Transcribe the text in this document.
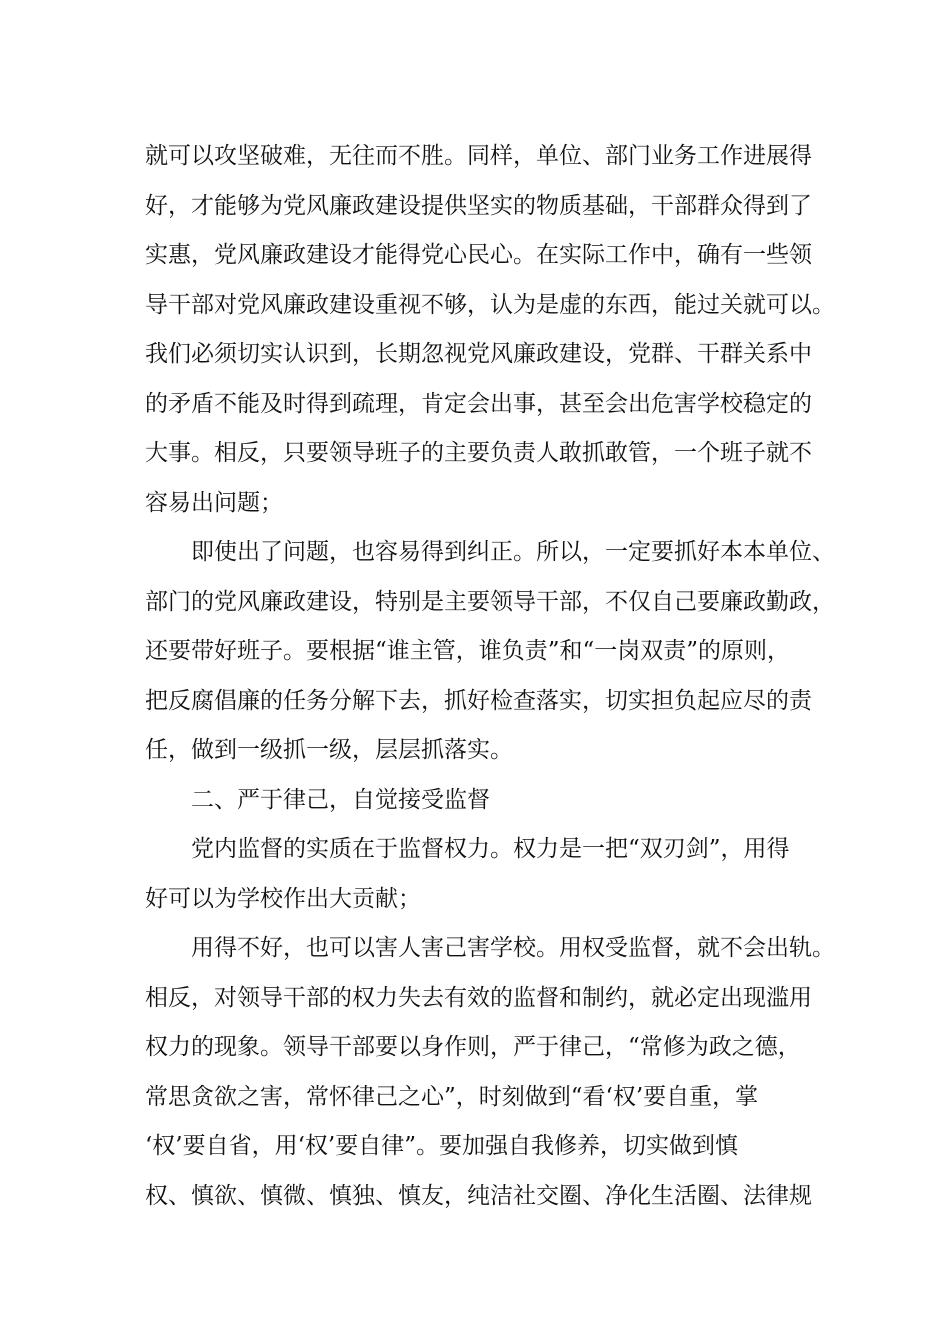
就可以攻坚破难，无往而不胜。同样，单位、部门业务工作进展得
好，才能够为党风廉政建设提供坚实的物质基础，干部群众得到了
实惠，党风廉政建设才能得党心民心。在实际工作中，确有一些领
导干部对党风廉政建设重视不够，认为是虚的东西，能过关就可以。
我们必须切实认识到，长期忽视党风廉政建设，党群、干群关系中
的矛盾不能及时得到疏理，肯定会出事，甚至会出危害学校稳定的
大事。相反，只要领导班子的主要负责人敢抓敢管，一个班子就不
容易出问题；
即使出了问题，也容易得到纠正。所以，一定要抓好本本单位、
部门的党风廉政建设，特别是主要领导干部，不仅自己要廉政勤政，
还要带好班子。要根据“谁主管，谁负责”和“一岗双责”的原则，
把反腐倡廉的任务分解下去，抓好检查落实，切实担负起应尽的责
任，做到一级抓一级，层层抓落实。
二、严于律己，自觉接受监督
党内监督的实质在于监督权力。权力是一把“双刃剑”，用得
好可以为学校作出大贡献；
用得不好，也可以害人害己害学校。用权受监督，就不会出轨。
相反，对领导干部的权力失去有效的监督和制约，就必定出现滥用
权力的现象。领导干部要以身作则，严于律己，“常修为政之德，
常思贪欲之害，常怀律己之心”，时刻做到“看‘权’要自重，掌
‘权’要自省，用‘权’要自律”。要加强自我修养，切实做到慎
权、慎欲、慎微、慎独、慎友，纯洁社交圈、净化生活圈、法律规
